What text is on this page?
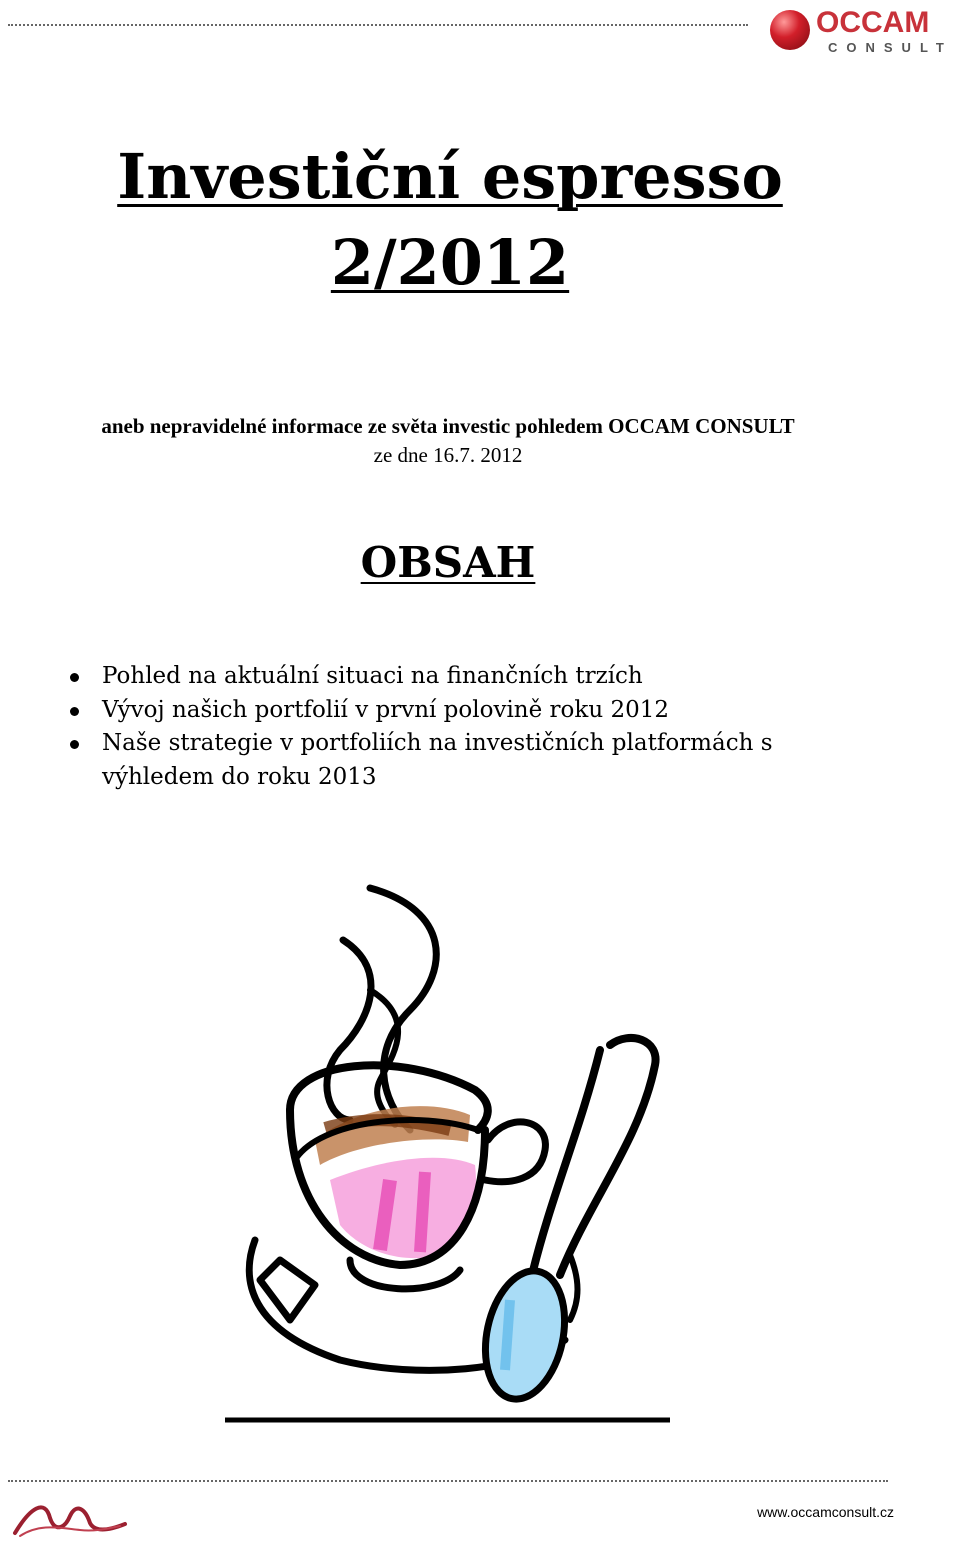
OCCAM
CONSULT
Investiční espresso
2/2012
aneb nepravidelné informace ze světa investic pohledem OCCAM CONSULT
ze dne 16.7. 2012
OBSAH
Pohled na aktuální situaci na finančních trzích
Vývoj našich portfolií v první polovině roku 2012
Naše strategie v portfoliích na investičních platformách s výhledem do roku 2013
www.occamconsult.cz
